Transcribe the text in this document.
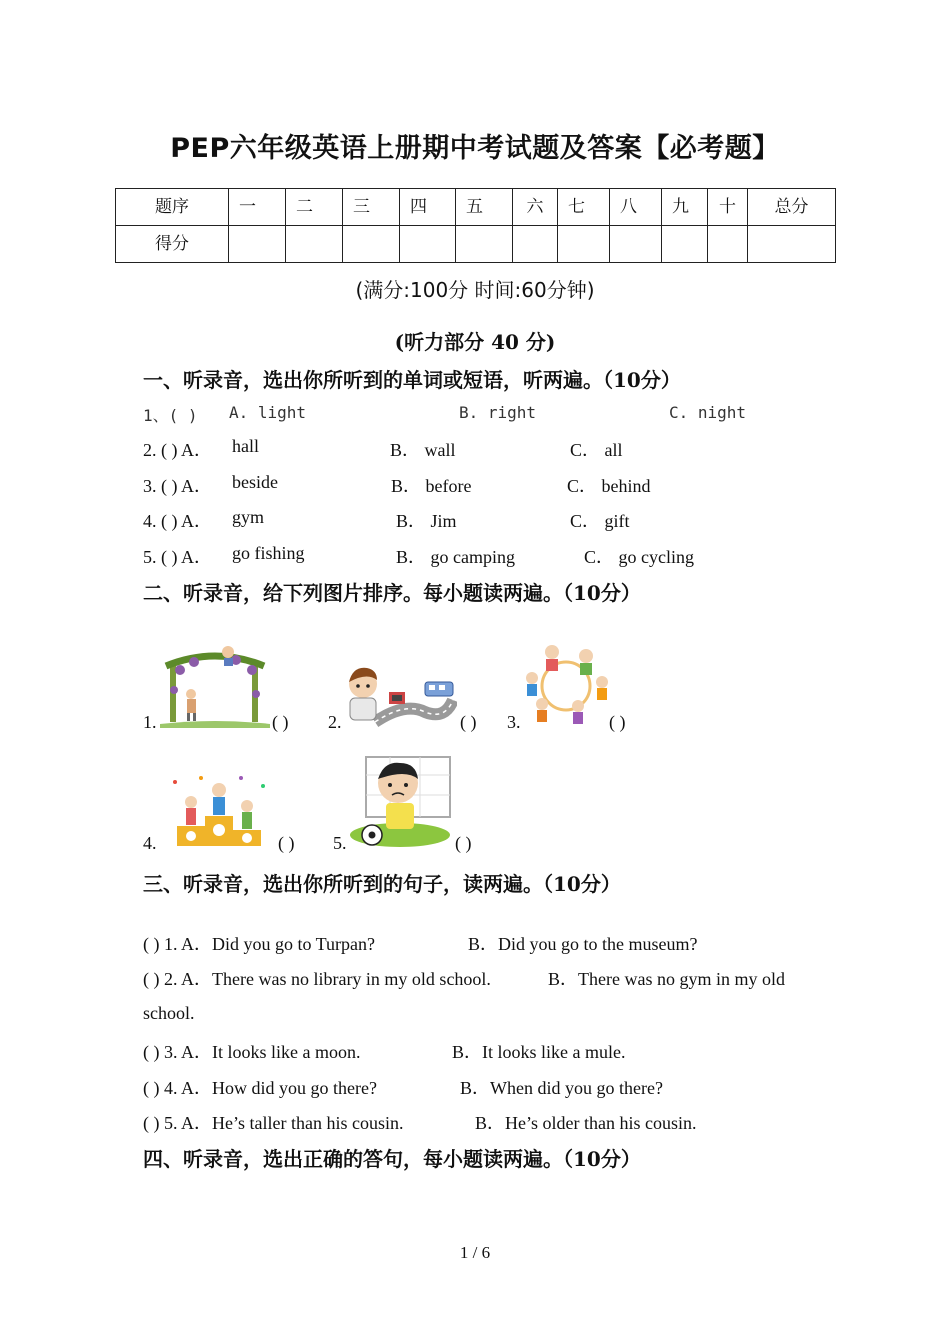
PEP六年级英语上册期中考试题及答案【必考题】
题序	一	二	三	四	五	六	七	八	九	十	总分

得分											

(满分:100分 时间:60分钟)
(听力部分 40 分)
一、听录音，选出你所听到的单词或短语，听两遍。（10分）
1、( ) A. light	B. right	C. night
2. ( ) A． hall	B． wall	C． all
3. ( ) A． beside	B． before	C． behind
4. ( ) A． gym	B． Jim	C． gift
5. ( ) A． go fishing	B． go camping	C． go cycling
二、听录音，给下列图片排序。每小题读两遍。（10分）
1.	( ) 2.	( ) 3.	( )
4.	( ) 5.	( )
三、听录音，选出你所听到的句子，读两遍。（10分）
( ) 1. A．Did you go to Turpan?	B．Did you go to the museum?
( ) 2. A．There was no library in my old school.	B．There was no gym in my old
school.
( ) 3. A．It looks like a moon.	B．It looks like a mule.
( ) 4. A．How did you go there?	B．When did you go there?
( ) 5. A．He’s taller than his cousin.	B．He’s older than his cousin.
四、听录音，选出正确的答句，每小题读两遍。（10分）
1 / 6
